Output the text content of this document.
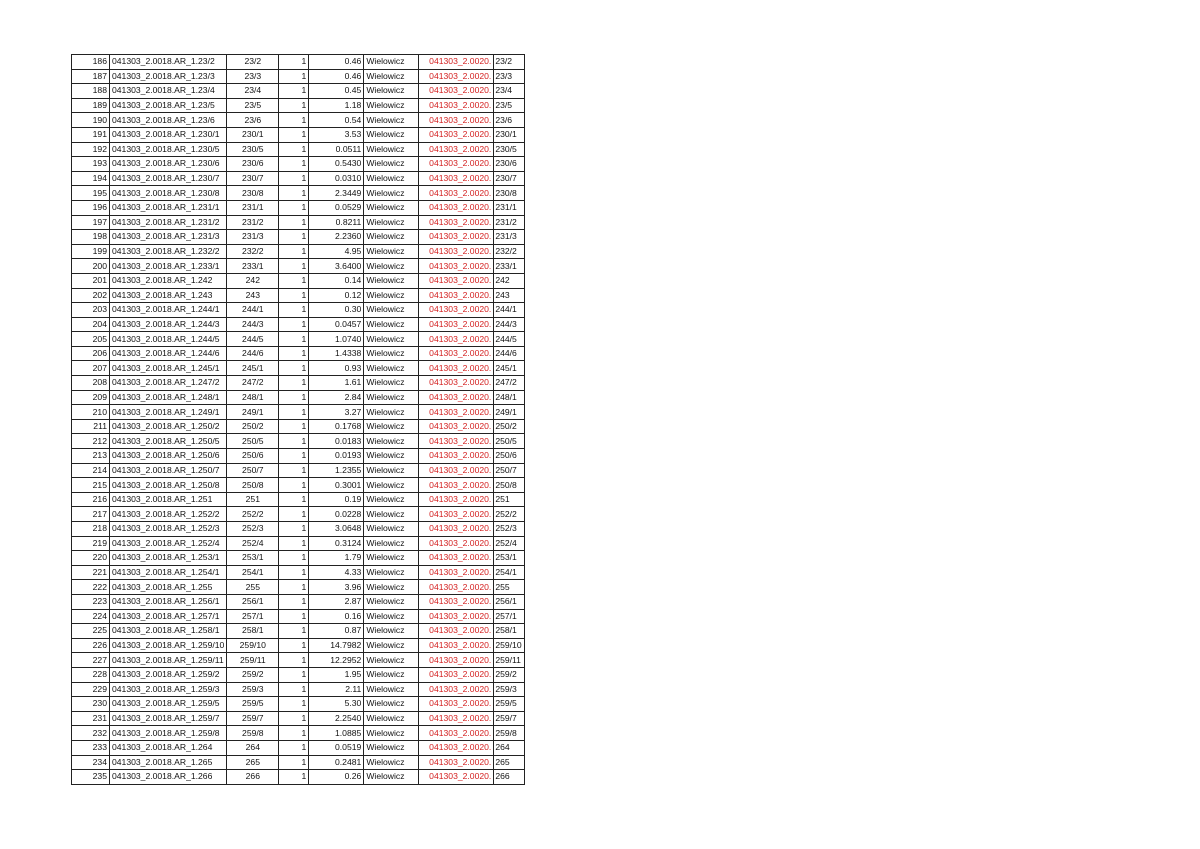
186	041303_2.0018.AR_1.23/2	23/2	1	0.46	Wielowicz	041303_2.0020.	23/2
187	041303_2.0018.AR_1.23/3	23/3	1	0.46	Wielowicz	041303_2.0020.	23/3
188	041303_2.0018.AR_1.23/4	23/4	1	0.45	Wielowicz	041303_2.0020.	23/4
189	041303_2.0018.AR_1.23/5	23/5	1	1.18	Wielowicz	041303_2.0020.	23/5
190	041303_2.0018.AR_1.23/6	23/6	1	0.54	Wielowicz	041303_2.0020.	23/6
191	041303_2.0018.AR_1.230/1	230/1	1	3.53	Wielowicz	041303_2.0020.	230/1
192	041303_2.0018.AR_1.230/5	230/5	1	0.0511	Wielowicz	041303_2.0020.	230/5
193	041303_2.0018.AR_1.230/6	230/6	1	0.5430	Wielowicz	041303_2.0020.	230/6
194	041303_2.0018.AR_1.230/7	230/7	1	0.0310	Wielowicz	041303_2.0020.	230/7
195	041303_2.0018.AR_1.230/8	230/8	1	2.3449	Wielowicz	041303_2.0020.	230/8
196	041303_2.0018.AR_1.231/1	231/1	1	0.0529	Wielowicz	041303_2.0020.	231/1
197	041303_2.0018.AR_1.231/2	231/2	1	0.8211	Wielowicz	041303_2.0020.	231/2
198	041303_2.0018.AR_1.231/3	231/3	1	2.2360	Wielowicz	041303_2.0020.	231/3
199	041303_2.0018.AR_1.232/2	232/2	1	4.95	Wielowicz	041303_2.0020.	232/2
200	041303_2.0018.AR_1.233/1	233/1	1	3.6400	Wielowicz	041303_2.0020.	233/1
201	041303_2.0018.AR_1.242	242	1	0.14	Wielowicz	041303_2.0020.	242
202	041303_2.0018.AR_1.243	243	1	0.12	Wielowicz	041303_2.0020.	243
203	041303_2.0018.AR_1.244/1	244/1	1	0.30	Wielowicz	041303_2.0020.	244/1
204	041303_2.0018.AR_1.244/3	244/3	1	0.0457	Wielowicz	041303_2.0020.	244/3
205	041303_2.0018.AR_1.244/5	244/5	1	1.0740	Wielowicz	041303_2.0020.	244/5
206	041303_2.0018.AR_1.244/6	244/6	1	1.4338	Wielowicz	041303_2.0020.	244/6
207	041303_2.0018.AR_1.245/1	245/1	1	0.93	Wielowicz	041303_2.0020.	245/1
208	041303_2.0018.AR_1.247/2	247/2	1	1.61	Wielowicz	041303_2.0020.	247/2
209	041303_2.0018.AR_1.248/1	248/1	1	2.84	Wielowicz	041303_2.0020.	248/1
210	041303_2.0018.AR_1.249/1	249/1	1	3.27	Wielowicz	041303_2.0020.	249/1
211	041303_2.0018.AR_1.250/2	250/2	1	0.1768	Wielowicz	041303_2.0020.	250/2
212	041303_2.0018.AR_1.250/5	250/5	1	0.0183	Wielowicz	041303_2.0020.	250/5
213	041303_2.0018.AR_1.250/6	250/6	1	0.0193	Wielowicz	041303_2.0020.	250/6
214	041303_2.0018.AR_1.250/7	250/7	1	1.2355	Wielowicz	041303_2.0020.	250/7
215	041303_2.0018.AR_1.250/8	250/8	1	0.3001	Wielowicz	041303_2.0020.	250/8
216	041303_2.0018.AR_1.251	251	1	0.19	Wielowicz	041303_2.0020.	251
217	041303_2.0018.AR_1.252/2	252/2	1	0.0228	Wielowicz	041303_2.0020.	252/2
218	041303_2.0018.AR_1.252/3	252/3	1	3.0648	Wielowicz	041303_2.0020.	252/3
219	041303_2.0018.AR_1.252/4	252/4	1	0.3124	Wielowicz	041303_2.0020.	252/4
220	041303_2.0018.AR_1.253/1	253/1	1	1.79	Wielowicz	041303_2.0020.	253/1
221	041303_2.0018.AR_1.254/1	254/1	1	4.33	Wielowicz	041303_2.0020.	254/1
222	041303_2.0018.AR_1.255	255	1	3.96	Wielowicz	041303_2.0020.	255
223	041303_2.0018.AR_1.256/1	256/1	1	2.87	Wielowicz	041303_2.0020.	256/1
224	041303_2.0018.AR_1.257/1	257/1	1	0.16	Wielowicz	041303_2.0020.	257/1
225	041303_2.0018.AR_1.258/1	258/1	1	0.87	Wielowicz	041303_2.0020.	258/1
226	041303_2.0018.AR_1.259/10	259/10	1	14.7982	Wielowicz	041303_2.0020.	259/10
227	041303_2.0018.AR_1.259/11	259/11	1	12.2952	Wielowicz	041303_2.0020.	259/11
228	041303_2.0018.AR_1.259/2	259/2	1	1.95	Wielowicz	041303_2.0020.	259/2
229	041303_2.0018.AR_1.259/3	259/3	1	2.11	Wielowicz	041303_2.0020.	259/3
230	041303_2.0018.AR_1.259/5	259/5	1	5.30	Wielowicz	041303_2.0020.	259/5
231	041303_2.0018.AR_1.259/7	259/7	1	2.2540	Wielowicz	041303_2.0020.	259/7
232	041303_2.0018.AR_1.259/8	259/8	1	1.0885	Wielowicz	041303_2.0020.	259/8
233	041303_2.0018.AR_1.264	264	1	0.0519	Wielowicz	041303_2.0020.	264
234	041303_2.0018.AR_1.265	265	1	0.2481	Wielowicz	041303_2.0020.	265
235	041303_2.0018.AR_1.266	266	1	0.26	Wielowicz	041303_2.0020.	266
